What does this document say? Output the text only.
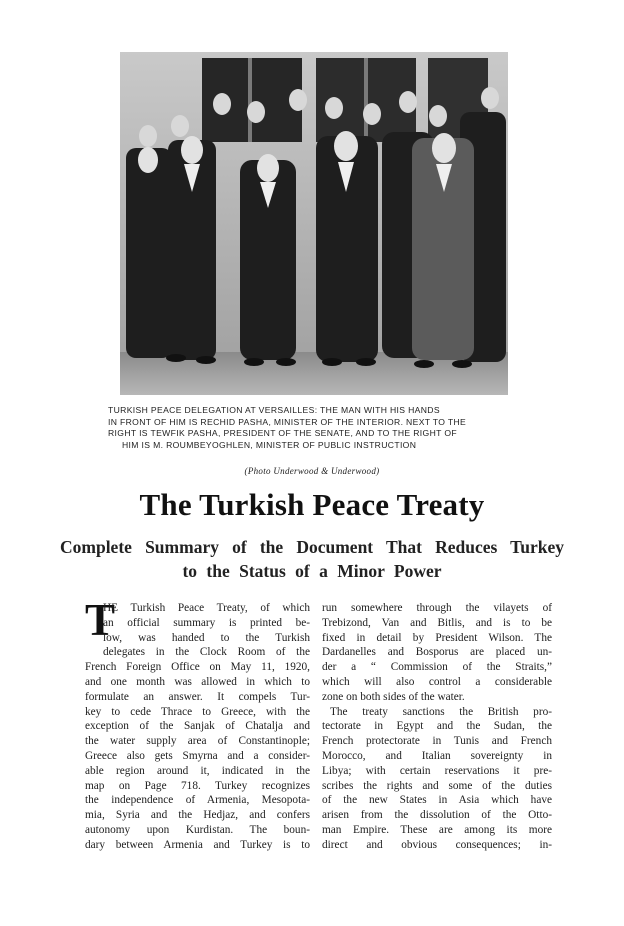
TURKISH PEACE DELEGATION AT VERSAILLES: THE MAN WITH HIS HANDS
IN FRONT OF HIM IS RECHID PASHA, MINISTER OF THE INTERIOR. NEXT TO THE
RIGHT IS TEWFIK PASHA, PRESIDENT OF THE SENATE, AND TO THE RIGHT OF
HIM IS M. ROUMBEYOGHLEN, MINISTER OF PUBLIC INSTRUCTION
(Photo Underwood & Underwood)
The Turkish Peace Treaty
Complete Summary of the Document That Reduces Turkey
to the Status of a Minor Power
T
HE Turkish Peace Treaty, of which
an official summary is printed be-
low, was handed to the Turkish
delegates in the Clock Room of the
French Foreign Office on May 11, 1920,
and one month was allowed in which to
formulate an answer. It compels Tur-
key to cede Thrace to Greece, with the
exception of the Sanjak of Chatalja and
the water supply area of Constantinople;
Greece also gets Smyrna and a consider-
able region around it, indicated in the
map on Page 718. Turkey recognizes
the independence of Armenia, Mesopota-
mia, Syria and the Hedjaz, and confers
autonomy upon Kurdistan. The boun-
dary between Armenia and Turkey is to
run somewhere through the vilayets of
Trebizond, Van and Bitlis, and is to be
fixed in detail by President Wilson. The
Dardanelles and Bosporus are placed un-
der a “ Commission of the Straits,”
which will also control a considerable
zone on both sides of the water.
The treaty sanctions the British pro-
tectorate in Egypt and the Sudan, the
French protectorate in Tunis and French
Morocco, and Italian sovereignty in
Libya; with certain reservations it pre-
scribes the rights and some of the duties
of the new States in Asia which have
arisen from the dissolution of the Otto-
man Empire. These are among its more
direct and obvious consequences; in-
